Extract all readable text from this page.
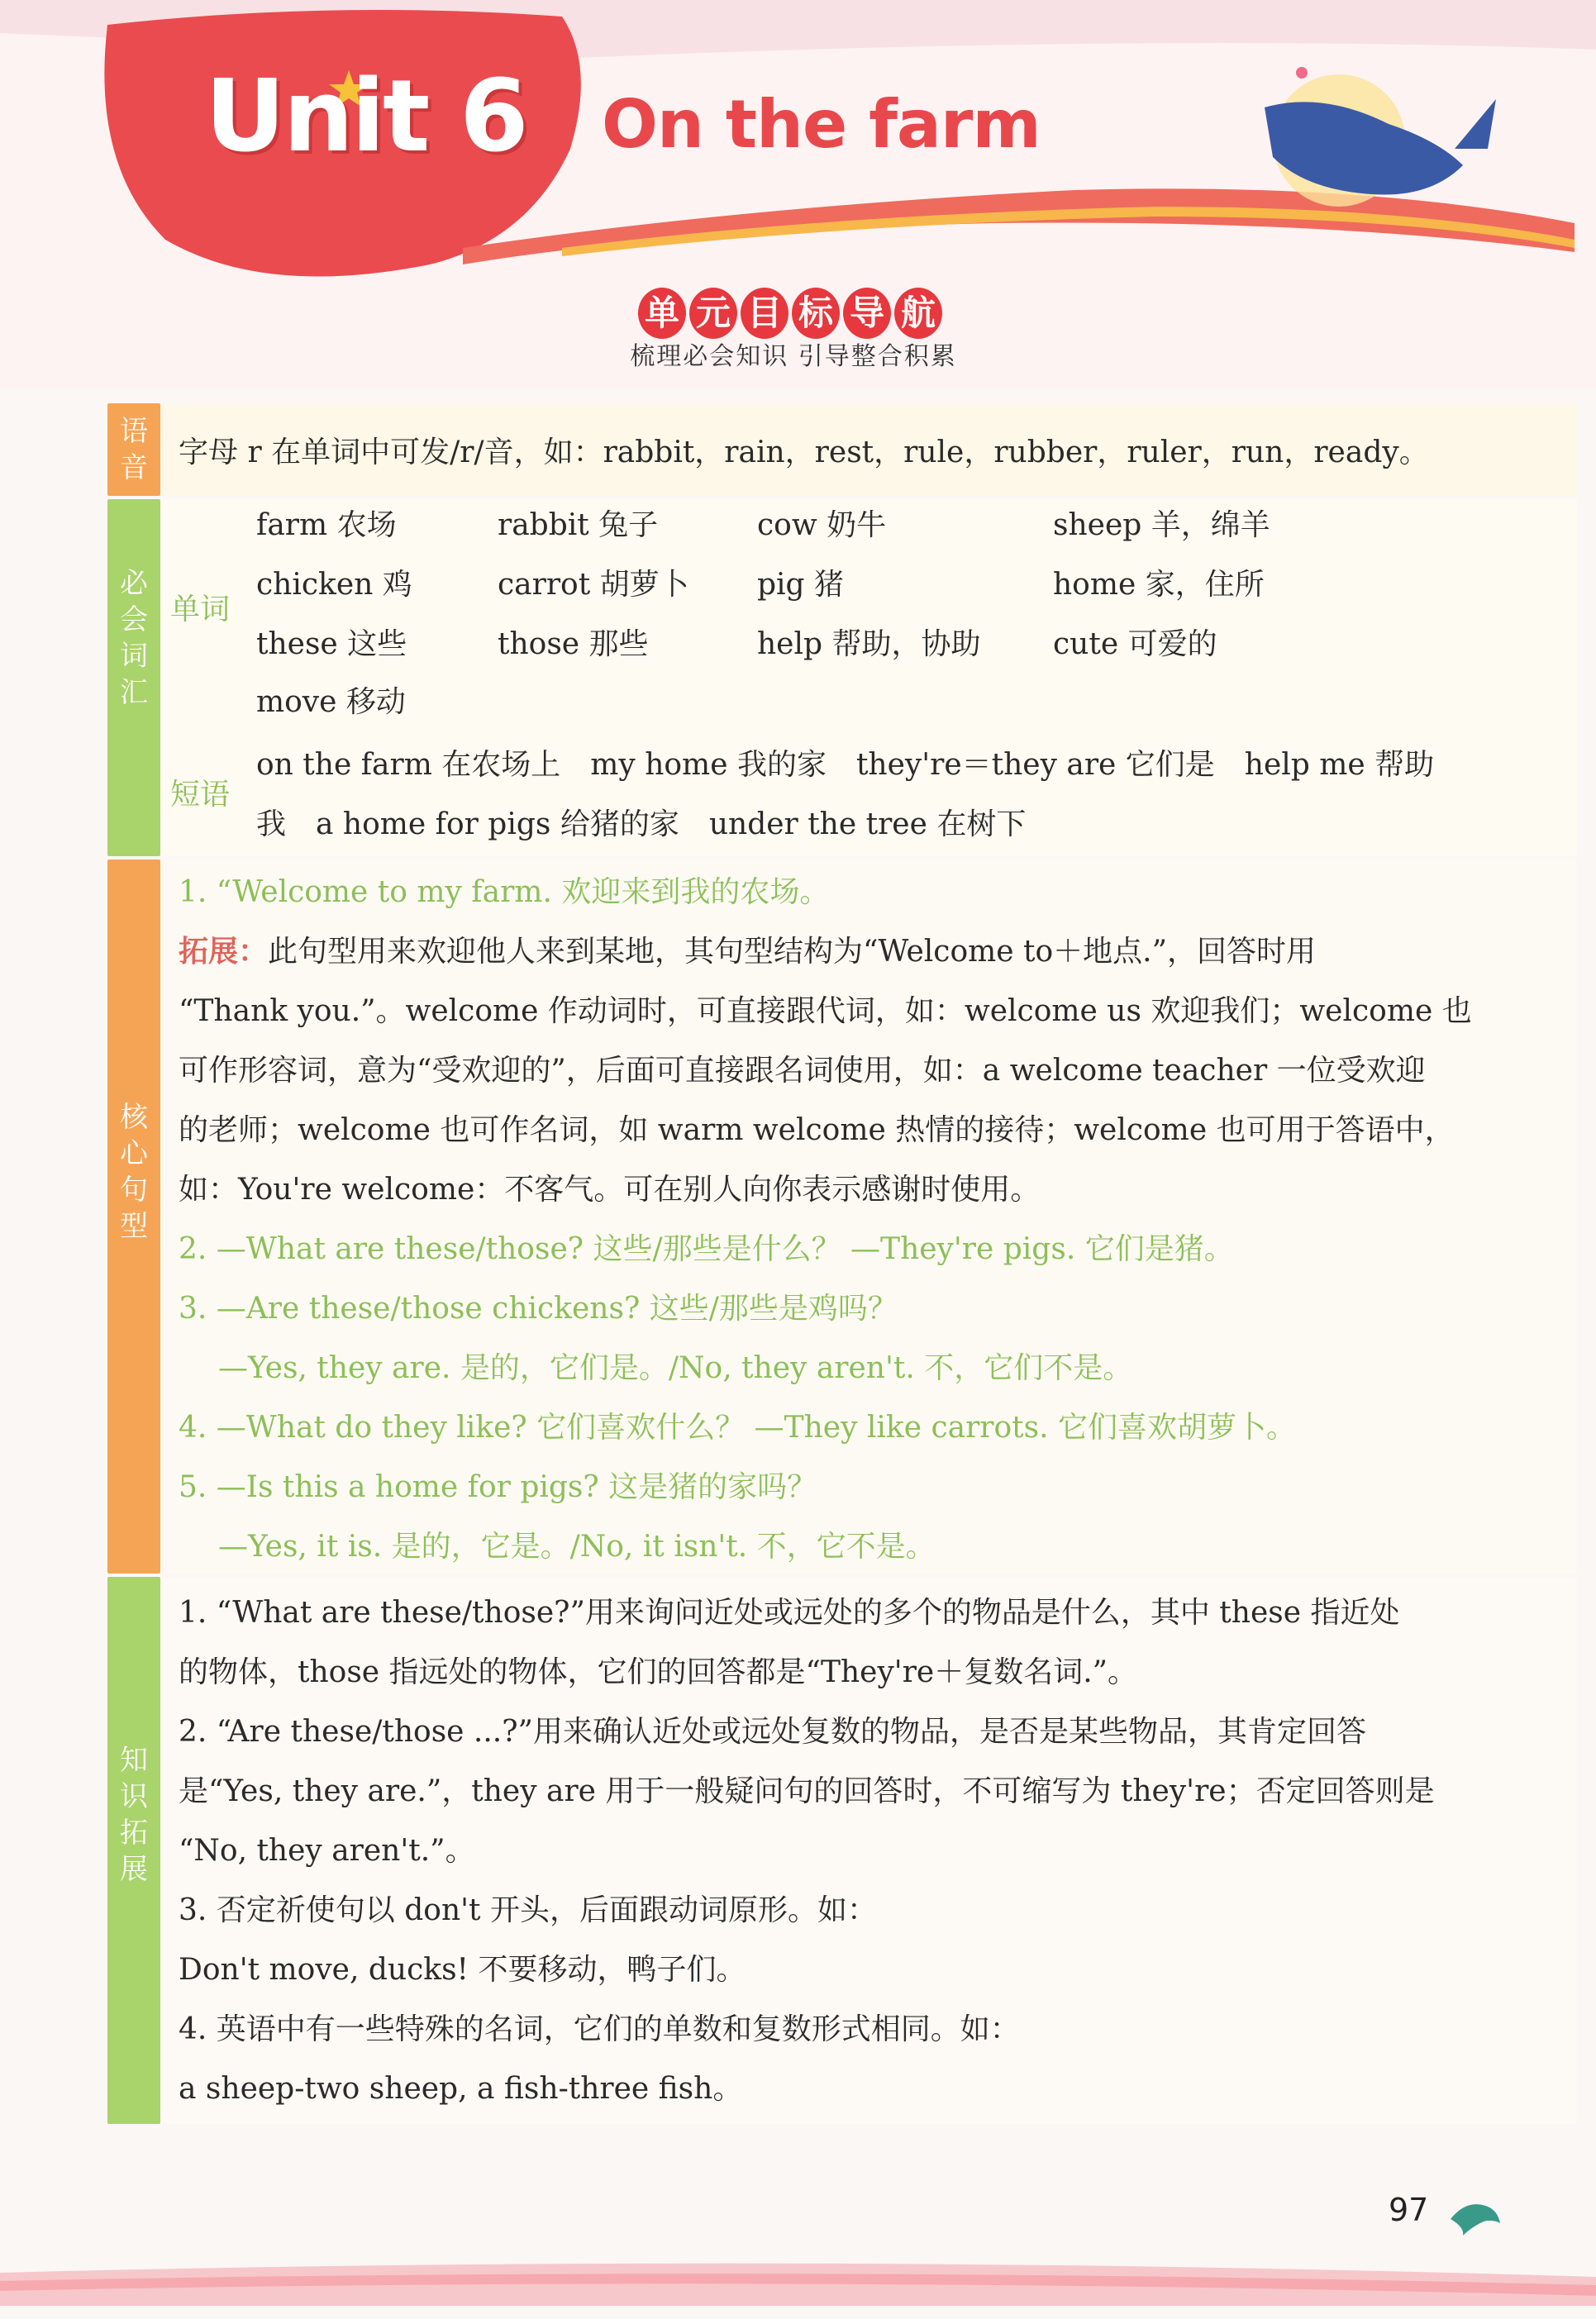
Unit 6 On the farm
单 元 目 标 导 航
梳理必会知识 引导整合积累
语音
必会词汇
核心句型
知识拓展
字母 r 在单词中可发/r/音，如：rabbit，rain，rest，rule，rubber，ruler，run，ready。
单词
farm 农场	rabbit 兔子	cow 奶牛	sheep 羊，绵羊
chicken 鸡	carrot 胡萝卜 pig 猪	home 家，住所
these 这些	those 那些	help 帮助，协助 cute 可爱的
move 移动
短语
on the farm 在农场上　my home 我的家　they're＝they are 它们是　help me 帮助
我　a home for pigs 给猪的家　under the tree 在树下
1. “Welcome to my farm. 欢迎来到我的农场。
拓展：此句型用来欢迎他人来到某地，其句型结构为“Welcome to＋地点.”，回答时用
“Thank you.”。welcome 作动词时，可直接跟代词，如：welcome us 欢迎我们；welcome 也
可作形容词，意为“受欢迎的”，后面可直接跟名词使用，如：a welcome teacher 一位受欢迎
的老师；welcome 也可作名词，如 warm welcome 热情的接待；welcome 也可用于答语中，
如：You're welcome：不客气。可在别人向你表示感谢时使用。
2. —What are these/those? 这些/那些是什么？ —They're pigs. 它们是猪。
3. —Are these/those chickens? 这些/那些是鸡吗？
—Yes, they are. 是的，它们是。/No, they aren't. 不，它们不是。
4. —What do they like? 它们喜欢什么？ —They like carrots. 它们喜欢胡萝卜。
5. —Is this a home for pigs? 这是猪的家吗？
—Yes, it is. 是的，它是。/No, it isn't. 不，它不是。
1. “What are these/those?”用来询问近处或远处的多个的物品是什么，其中 these 指近处
的物体，those 指远处的物体，它们的回答都是“They're＋复数名词.”。
2. “Are these/those ...?”用来确认近处或远处复数的物品，是否是某些物品，其肯定回答
是“Yes, they are.”，they are 用于一般疑问句的回答时，不可缩写为 they're；否定回答则是
“No, they aren't.”。
3. 否定祈使句以 don't 开头，后面跟动词原形。如：
Don't move, ducks! 不要移动，鸭子们。
4. 英语中有一些特殊的名词，它们的单数和复数形式相同。如：
a sheep-two sheep, a fish-three fish。
97
